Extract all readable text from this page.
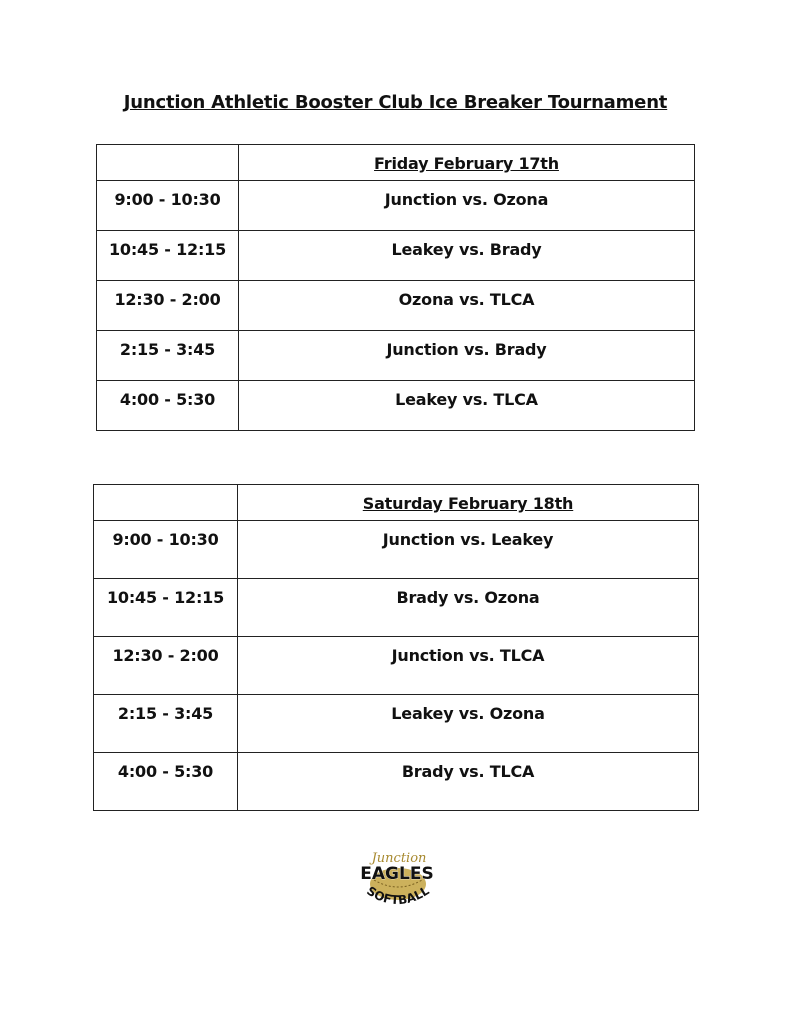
Junction Athletic Booster Club Ice Breaker Tournament

	Friday February 17th

9:00 - 10:30	Junction vs. Ozona

10:45 - 12:15	Leakey vs. Brady

12:30 - 2:00	Ozona vs. TLCA

2:15 - 3:45	Junction vs. Brady

4:00 - 5:30	Leakey vs. TLCA

	Saturday February 18th

9:00 - 10:30	Junction vs. Leakey

10:45 - 12:15	Brady vs. Ozona

12:30 - 2:00	Junction vs. TLCA

2:15 - 3:45	Leakey vs. Ozona

4:00 - 5:30	Brady vs. TLCA
Junction
EAGLES
SOFTBALL
